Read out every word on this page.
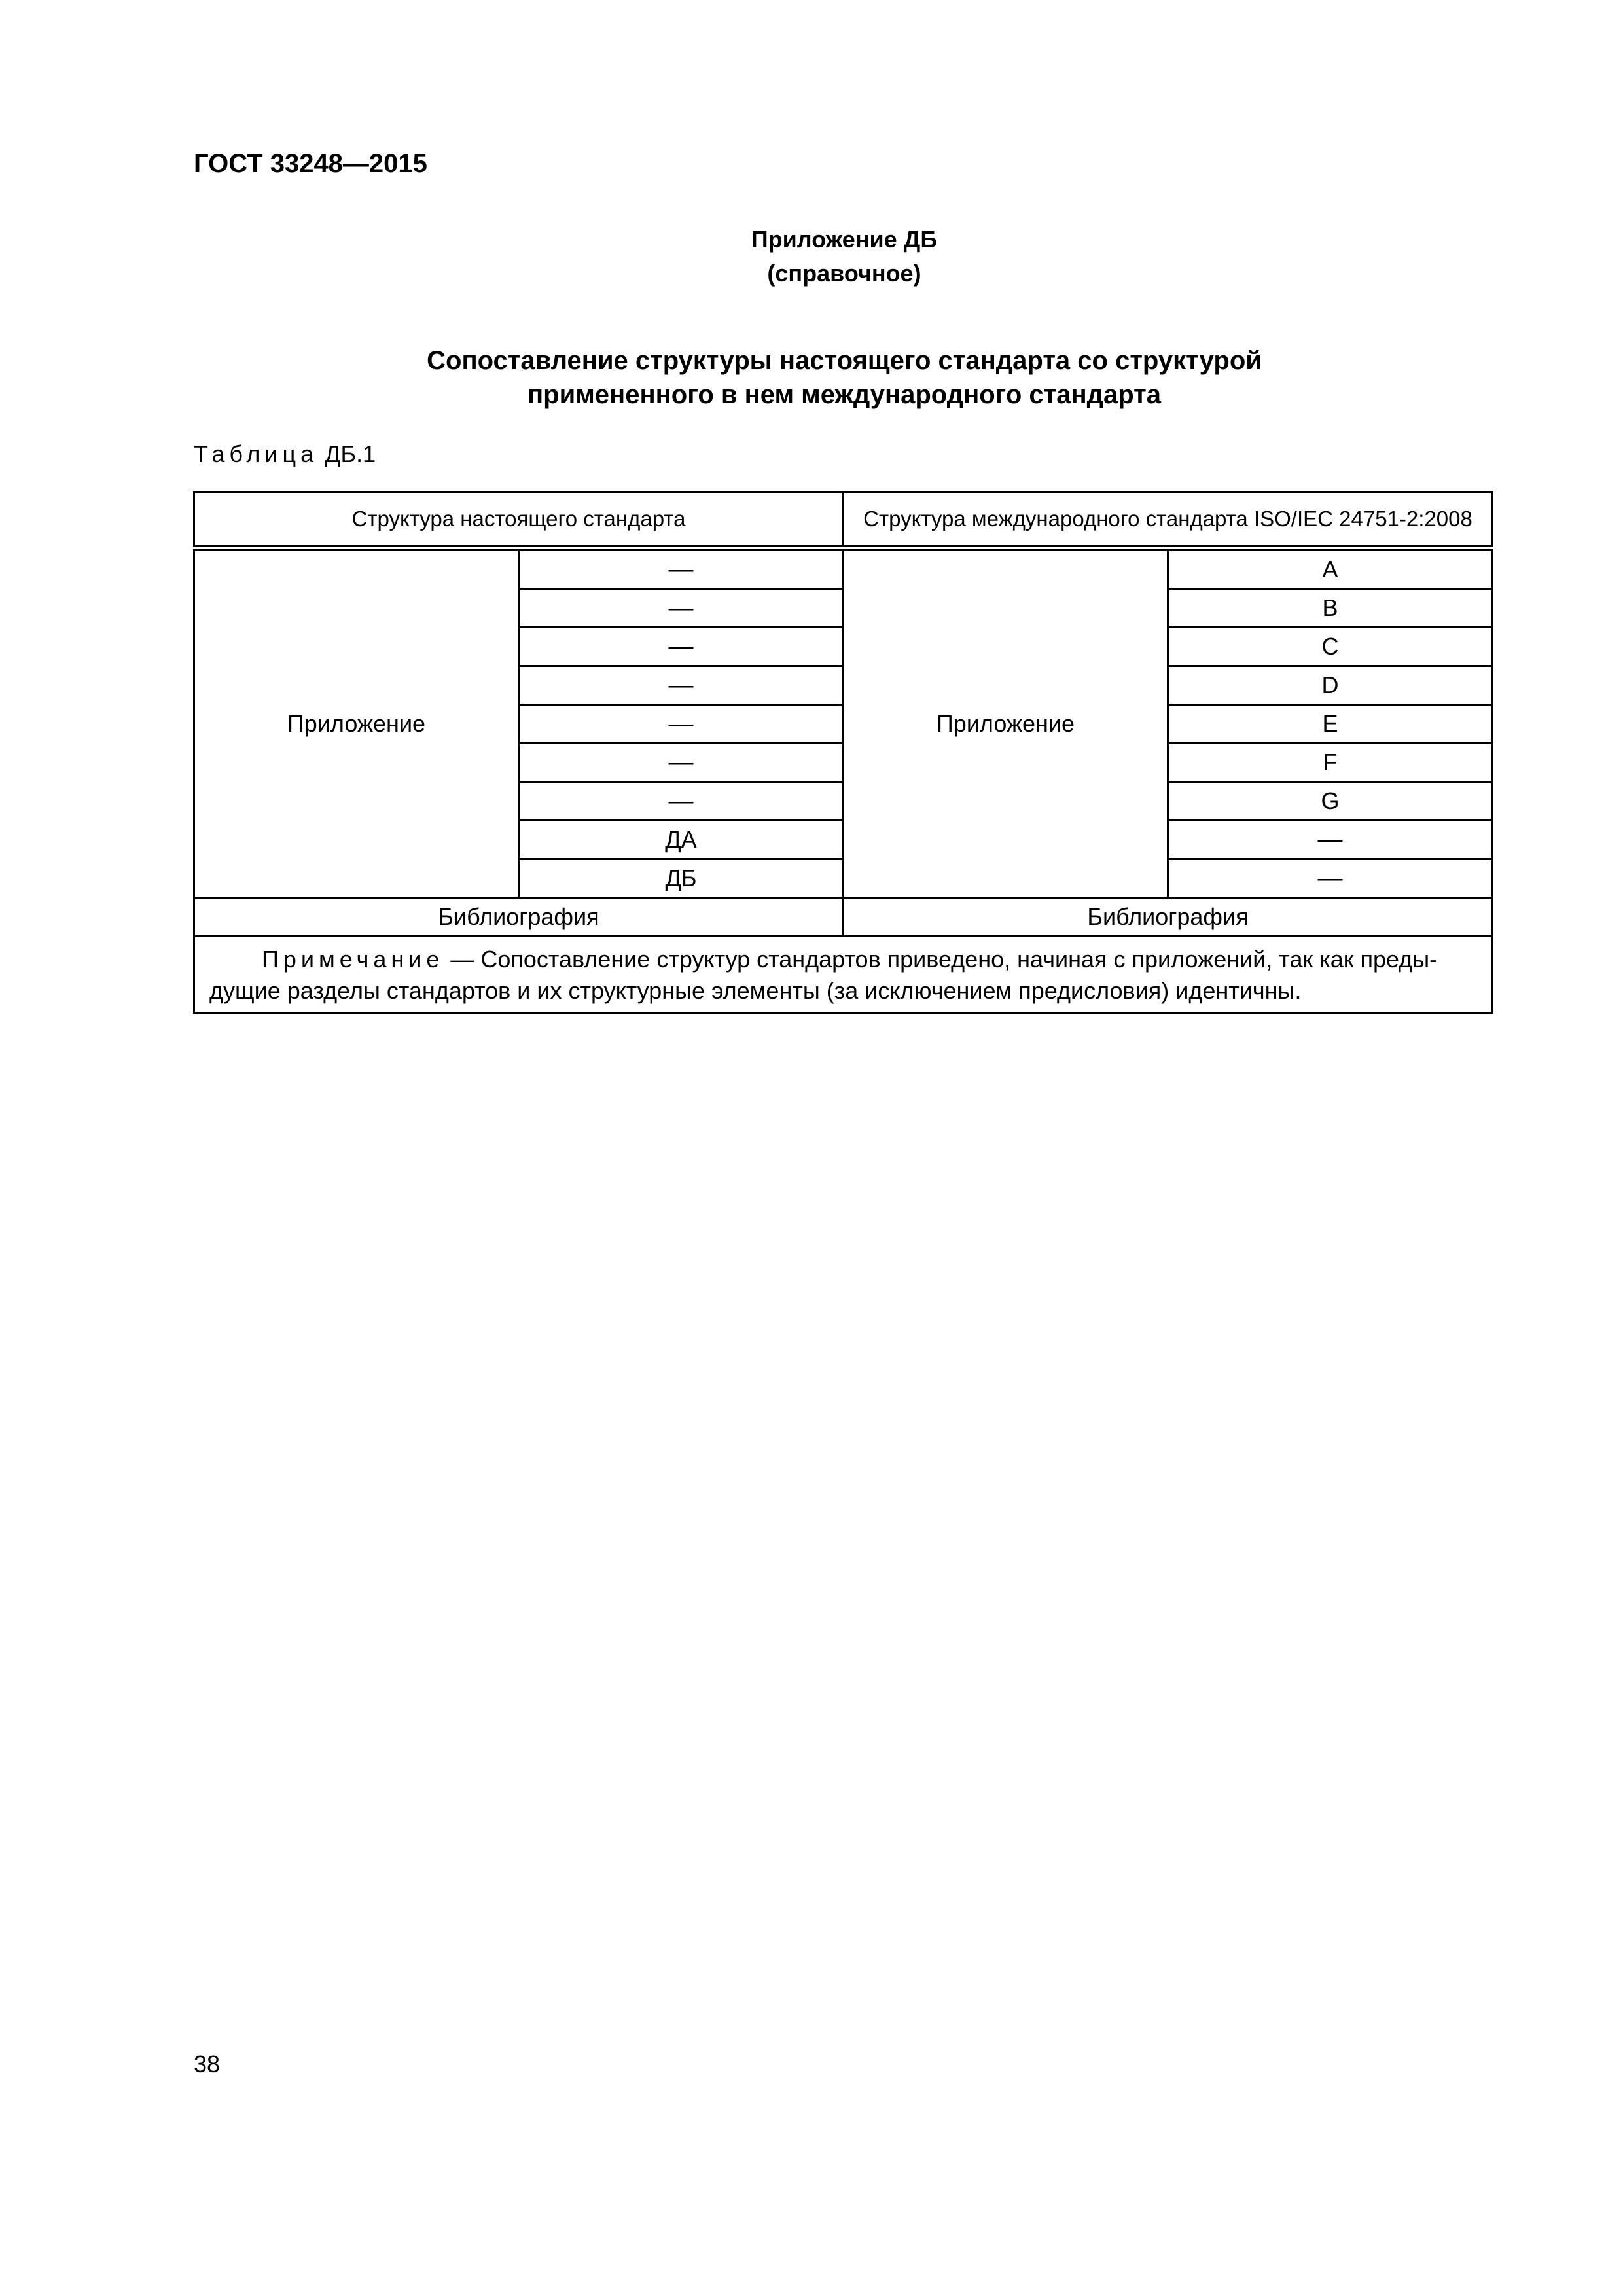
ГОСТ 33248—2015
Приложение ДБ
(справочное)
Сопоставление структуры настоящего стандарта со структурой
примененного в нем международного стандарта
Таблица ДБ.1
Структура настоящего стандарта		Структура международного стандарта ISO/IEC 24751-2:2008	
Приложение	—	Приложение	A
	—		B
	—		C
	—		D
	—		E
	—		F
	—		G
	ДА		—
	ДБ		—
Библиография		Библиография	
Примечание — Сопоставление структур стандартов приведено, начиная с приложений, так как преды-дущие разделы стандартов и их структурные элементы (за исключением предисловия) идентичны.			
38
